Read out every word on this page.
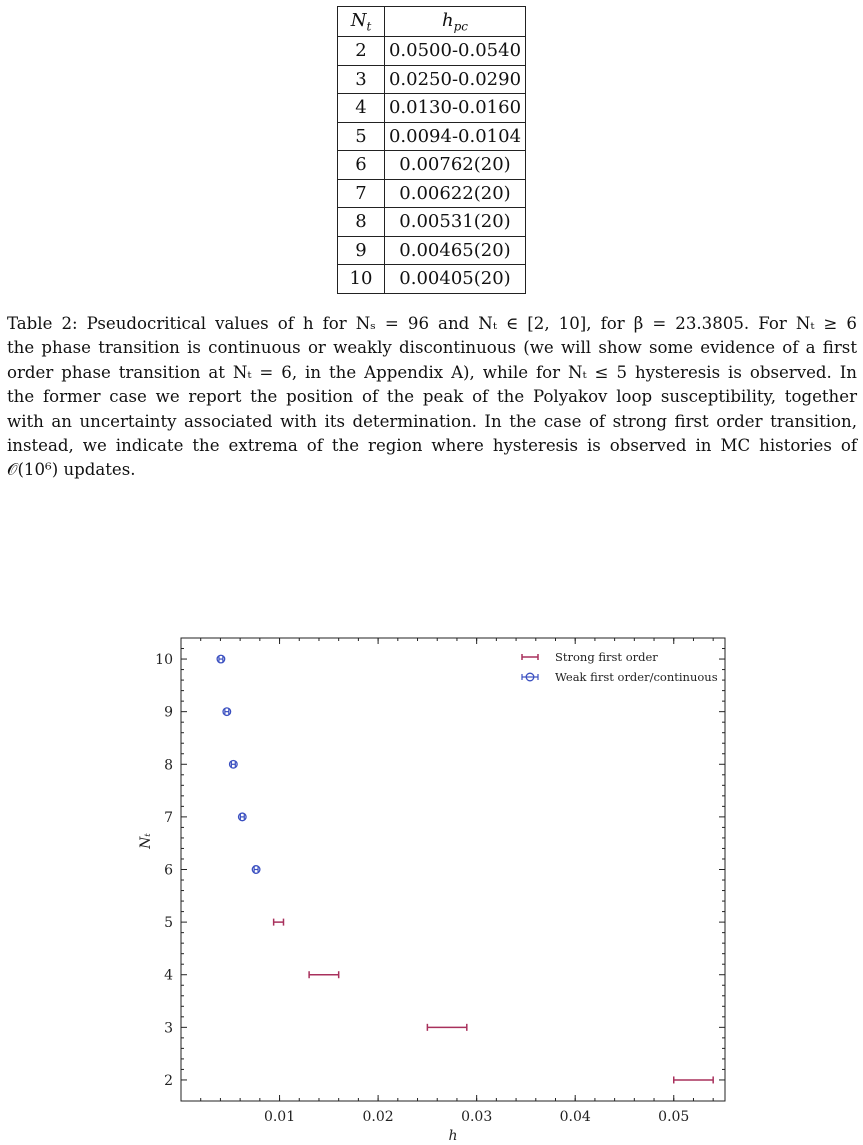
$N_t$	$h_{pc}$
2	0.0500-0.0540
3	0.0250-0.0290
4	0.0130-0.0160
5	0.0094-0.0104
6	0.00762(20)
7	0.00622(20)
8	0.00531(20)
9	0.00465(20)
10	0.00405(20)
Table 2: Pseudocritical values of h for Nₛ = 96 and Nₜ ∈ [2, 10], for β = 23.3805. For Nₜ ≥ 6
the phase transition is continuous or weakly discontinuous (we will show some evidence of a first
order phase transition at Nₜ = 6, in the Appendix A), while for Nₜ ≤ 5 hysteresis is observed. In
the former case we report the position of the peak of the Polyakov loop susceptibility, together
with an uncertainty associated with its determination. In the case of strong first order transition,
instead, we indicate the extrema of the region where hysteresis is observed in MC histories of
𝒪(10⁶) updates.
0.01	0.02	0.03	0.04	0.05
2
3
4
5
6
7
8
9
10
h
Nₜ
Strong first order
Weak first order/continuous
